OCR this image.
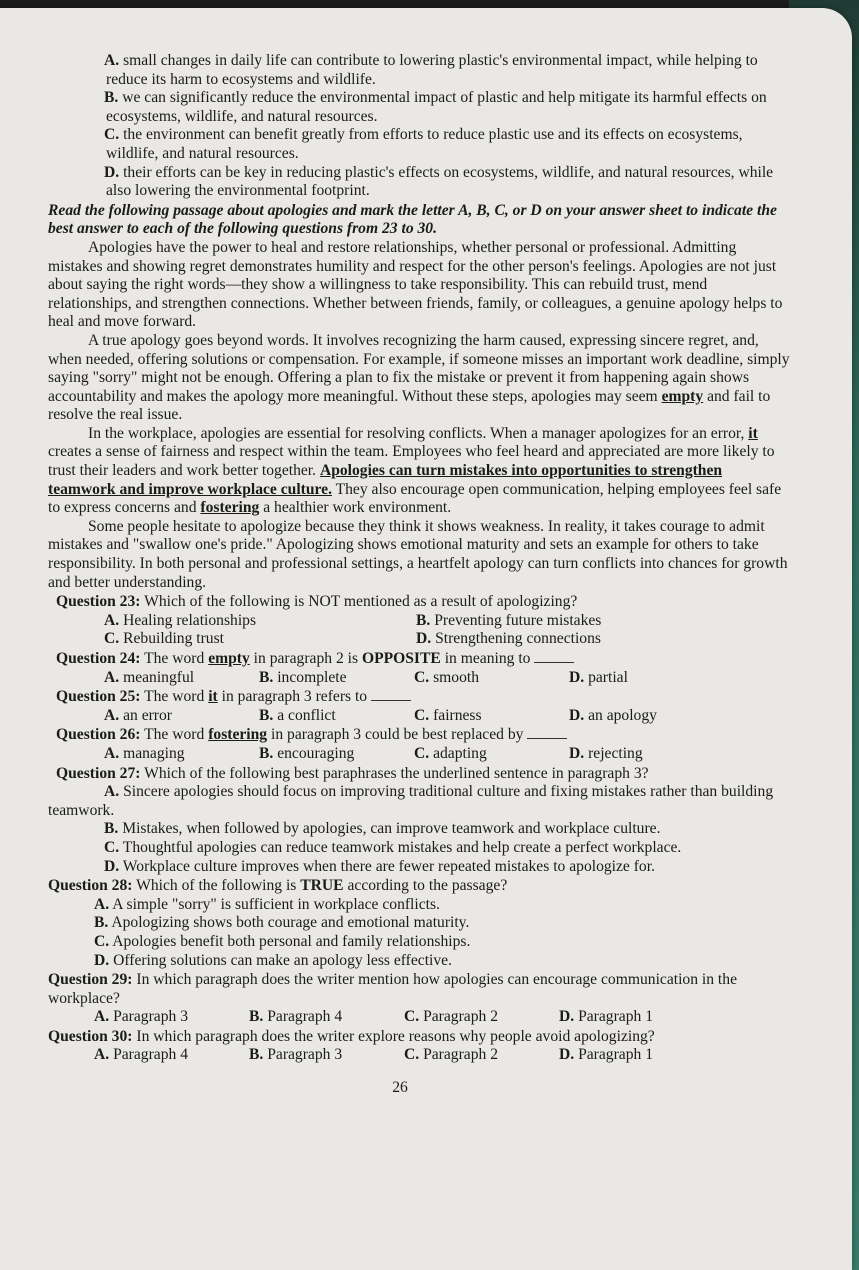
A. small changes in daily life can contribute to lowering plastic's environmental impact, while helping to reduce its harm to ecosystems and wildlife.

B. we can significantly reduce the environmental impact of plastic and help mitigate its harmful effects on ecosystems, wildlife, and natural resources.

C. the environment can benefit greatly from efforts to reduce plastic use and its effects on ecosystems, wildlife, and natural resources.

D. their efforts can be key in reducing plastic's effects on ecosystems, wildlife, and natural resources, while also lowering the environmental footprint.

Read the following passage about apologies and mark the letter A, B, C, or D on your answer sheet to indicate the best answer to each of the following questions from 23 to 30.

Apologies have the power to heal and restore relationships, whether personal or professional. Admitting mistakes and showing regret demonstrates humility and respect for the other person's feelings. Apologies are not just about saying the right words—they show a willingness to take responsibility. This can rebuild trust, mend relationships, and strengthen connections. Whether between friends, family, or colleagues, a genuine apology helps to heal and move forward.

A true apology goes beyond words. It involves recognizing the harm caused, expressing sincere regret, and, when needed, offering solutions or compensation. For example, if someone misses an important work deadline, simply saying "sorry" might not be enough. Offering a plan to fix the mistake or prevent it from happening again shows accountability and makes the apology more meaningful. Without these steps, apologies may seem empty and fail to resolve the real issue.

In the workplace, apologies are essential for resolving conflicts. When a manager apologizes for an error, it creates a sense of fairness and respect within the team. Employees who feel heard and appreciated are more likely to trust their leaders and work better together. Apologies can turn mistakes into opportunities to strengthen teamwork and improve workplace culture. They also encourage open communication, helping employees feel safe to express concerns and fostering a healthier work environment.

Some people hesitate to apologize because they think it shows weakness. In reality, it takes courage to admit mistakes and "swallow one's pride." Apologizing shows emotional maturity and sets an example for others to take responsibility. In both personal and professional settings, a heartfelt apology can turn conflicts into chances for growth and better understanding.

Question 23: Which of the following is NOT mentioned as a result of apologizing?

A. Healing relationships	B. Preventing future mistakes
C. Rebuilding trust	D. Strengthening connections

Question 24: The word empty in paragraph 2 is OPPOSITE in meaning to

A. meaningful	B. incomplete	C. smooth	D. partial

Question 25: The word it in paragraph 3 refers to

A. an error	B. a conflict	C. fairness	D. an apology

Question 26: The word fostering in paragraph 3 could be best replaced by

A. managing	B. encouraging	C. adapting	D. rejecting

Question 27: Which of the following best paraphrases the underlined sentence in paragraph 3?

A. Sincere apologies should focus on improving traditional culture and fixing mistakes rather than building teamwork.

B. Mistakes, when followed by apologies, can improve teamwork and workplace culture.

C. Thoughtful apologies can reduce teamwork mistakes and help create a perfect workplace.

D. Workplace culture improves when there are fewer repeated mistakes to apologize for.

Question 28: Which of the following is TRUE according to the passage?

A. A simple "sorry" is sufficient in workplace conflicts.

B. Apologizing shows both courage and emotional maturity.

C. Apologies benefit both personal and family relationships.

D. Offering solutions can make an apology less effective.

Question 29: In which paragraph does the writer mention how apologies can encourage communication in the workplace?

A. Paragraph 3	B. Paragraph 4	C. Paragraph 2	D. Paragraph 1

Question 30: In which paragraph does the writer explore reasons why people avoid apologizing?

A. Paragraph 4	B. Paragraph 3	C. Paragraph 2	D. Paragraph 1

26
